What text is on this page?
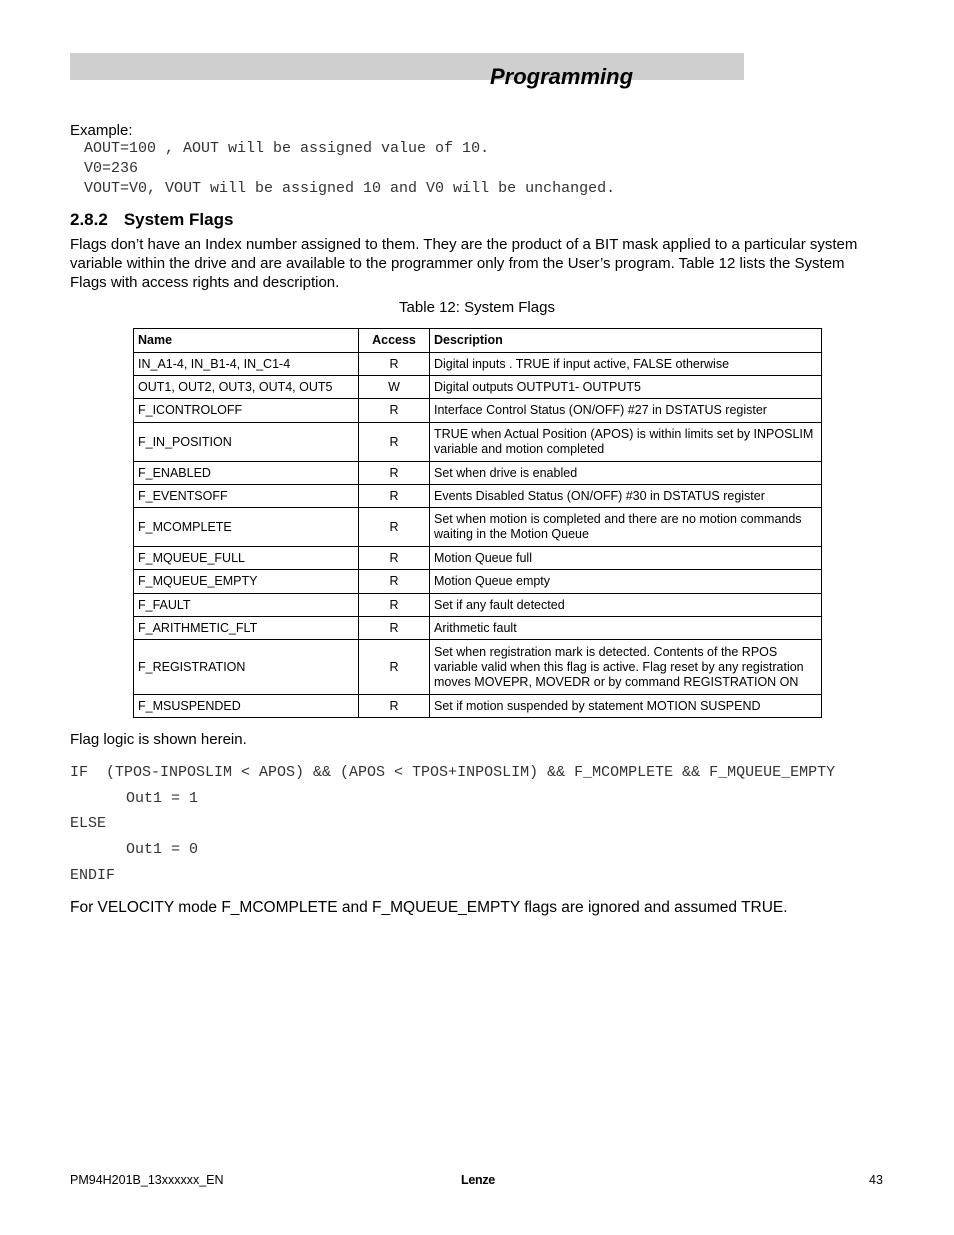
Programming
Example:
AOUT=100 , AOUT will be assigned value of 10.
V0=236
VOUT=V0, VOUT will be assigned 10 and V0 will be unchanged.
2.8.2 System Flags
Flags don’t have an Index number assigned to them. They are the product of a BIT mask applied to a particular system variable within the drive and are available to the programmer only from the User’s program. Table 12 lists the System Flags with access rights and description.
Table 12: System Flags
Name	Access	Description
IN_A1-4, IN_B1-4, IN_C1-4	R	Digital inputs . TRUE if input active, FALSE otherwise
OUT1, OUT2, OUT3, OUT4, OUT5	W	Digital outputs OUTPUT1- OUTPUT5
F_ICONTROLOFF	R	Interface Control Status (ON/OFF) #27 in DSTATUS register
F_IN_POSITION	R	TRUE when Actual Position (APOS) is within limits set by INPOSLIM variable and motion completed
F_ENABLED	R	Set when drive is enabled
F_EVENTSOFF	R	Events Disabled Status (ON/OFF) #30 in DSTATUS register
F_MCOMPLETE	R	Set when motion is completed and there are no motion commands waiting in the Motion Queue
F_MQUEUE_FULL	R	Motion Queue full
F_MQUEUE_EMPTY	R	Motion Queue empty
F_FAULT	R	Set if any fault detected
F_ARITHMETIC_FLT	R	Arithmetic fault
F_REGISTRATION	R	Set when registration mark is detected. Contents of the RPOS variable valid when this flag is active. Flag reset by any registration moves MOVEPR, MOVEDR or by command REGISTRATION ON
F_MSUSPENDED	R	Set if motion suspended by statement MOTION SUSPEND
Flag logic is shown herein.
IF  (TPOS-INPOSLIM < APOS) && (APOS < TPOS+INPOSLIM) && F_MCOMPLETE && F_MQUEUE_EMPTY
Out1 = 1
ELSE
Out1 = 0
ENDIF
For VELOCITY mode F_MCOMPLETE and F_MQUEUE_EMPTY flags are ignored and assumed TRUE.
PM94H201B_13xxxxxx_EN	Lenze	43
